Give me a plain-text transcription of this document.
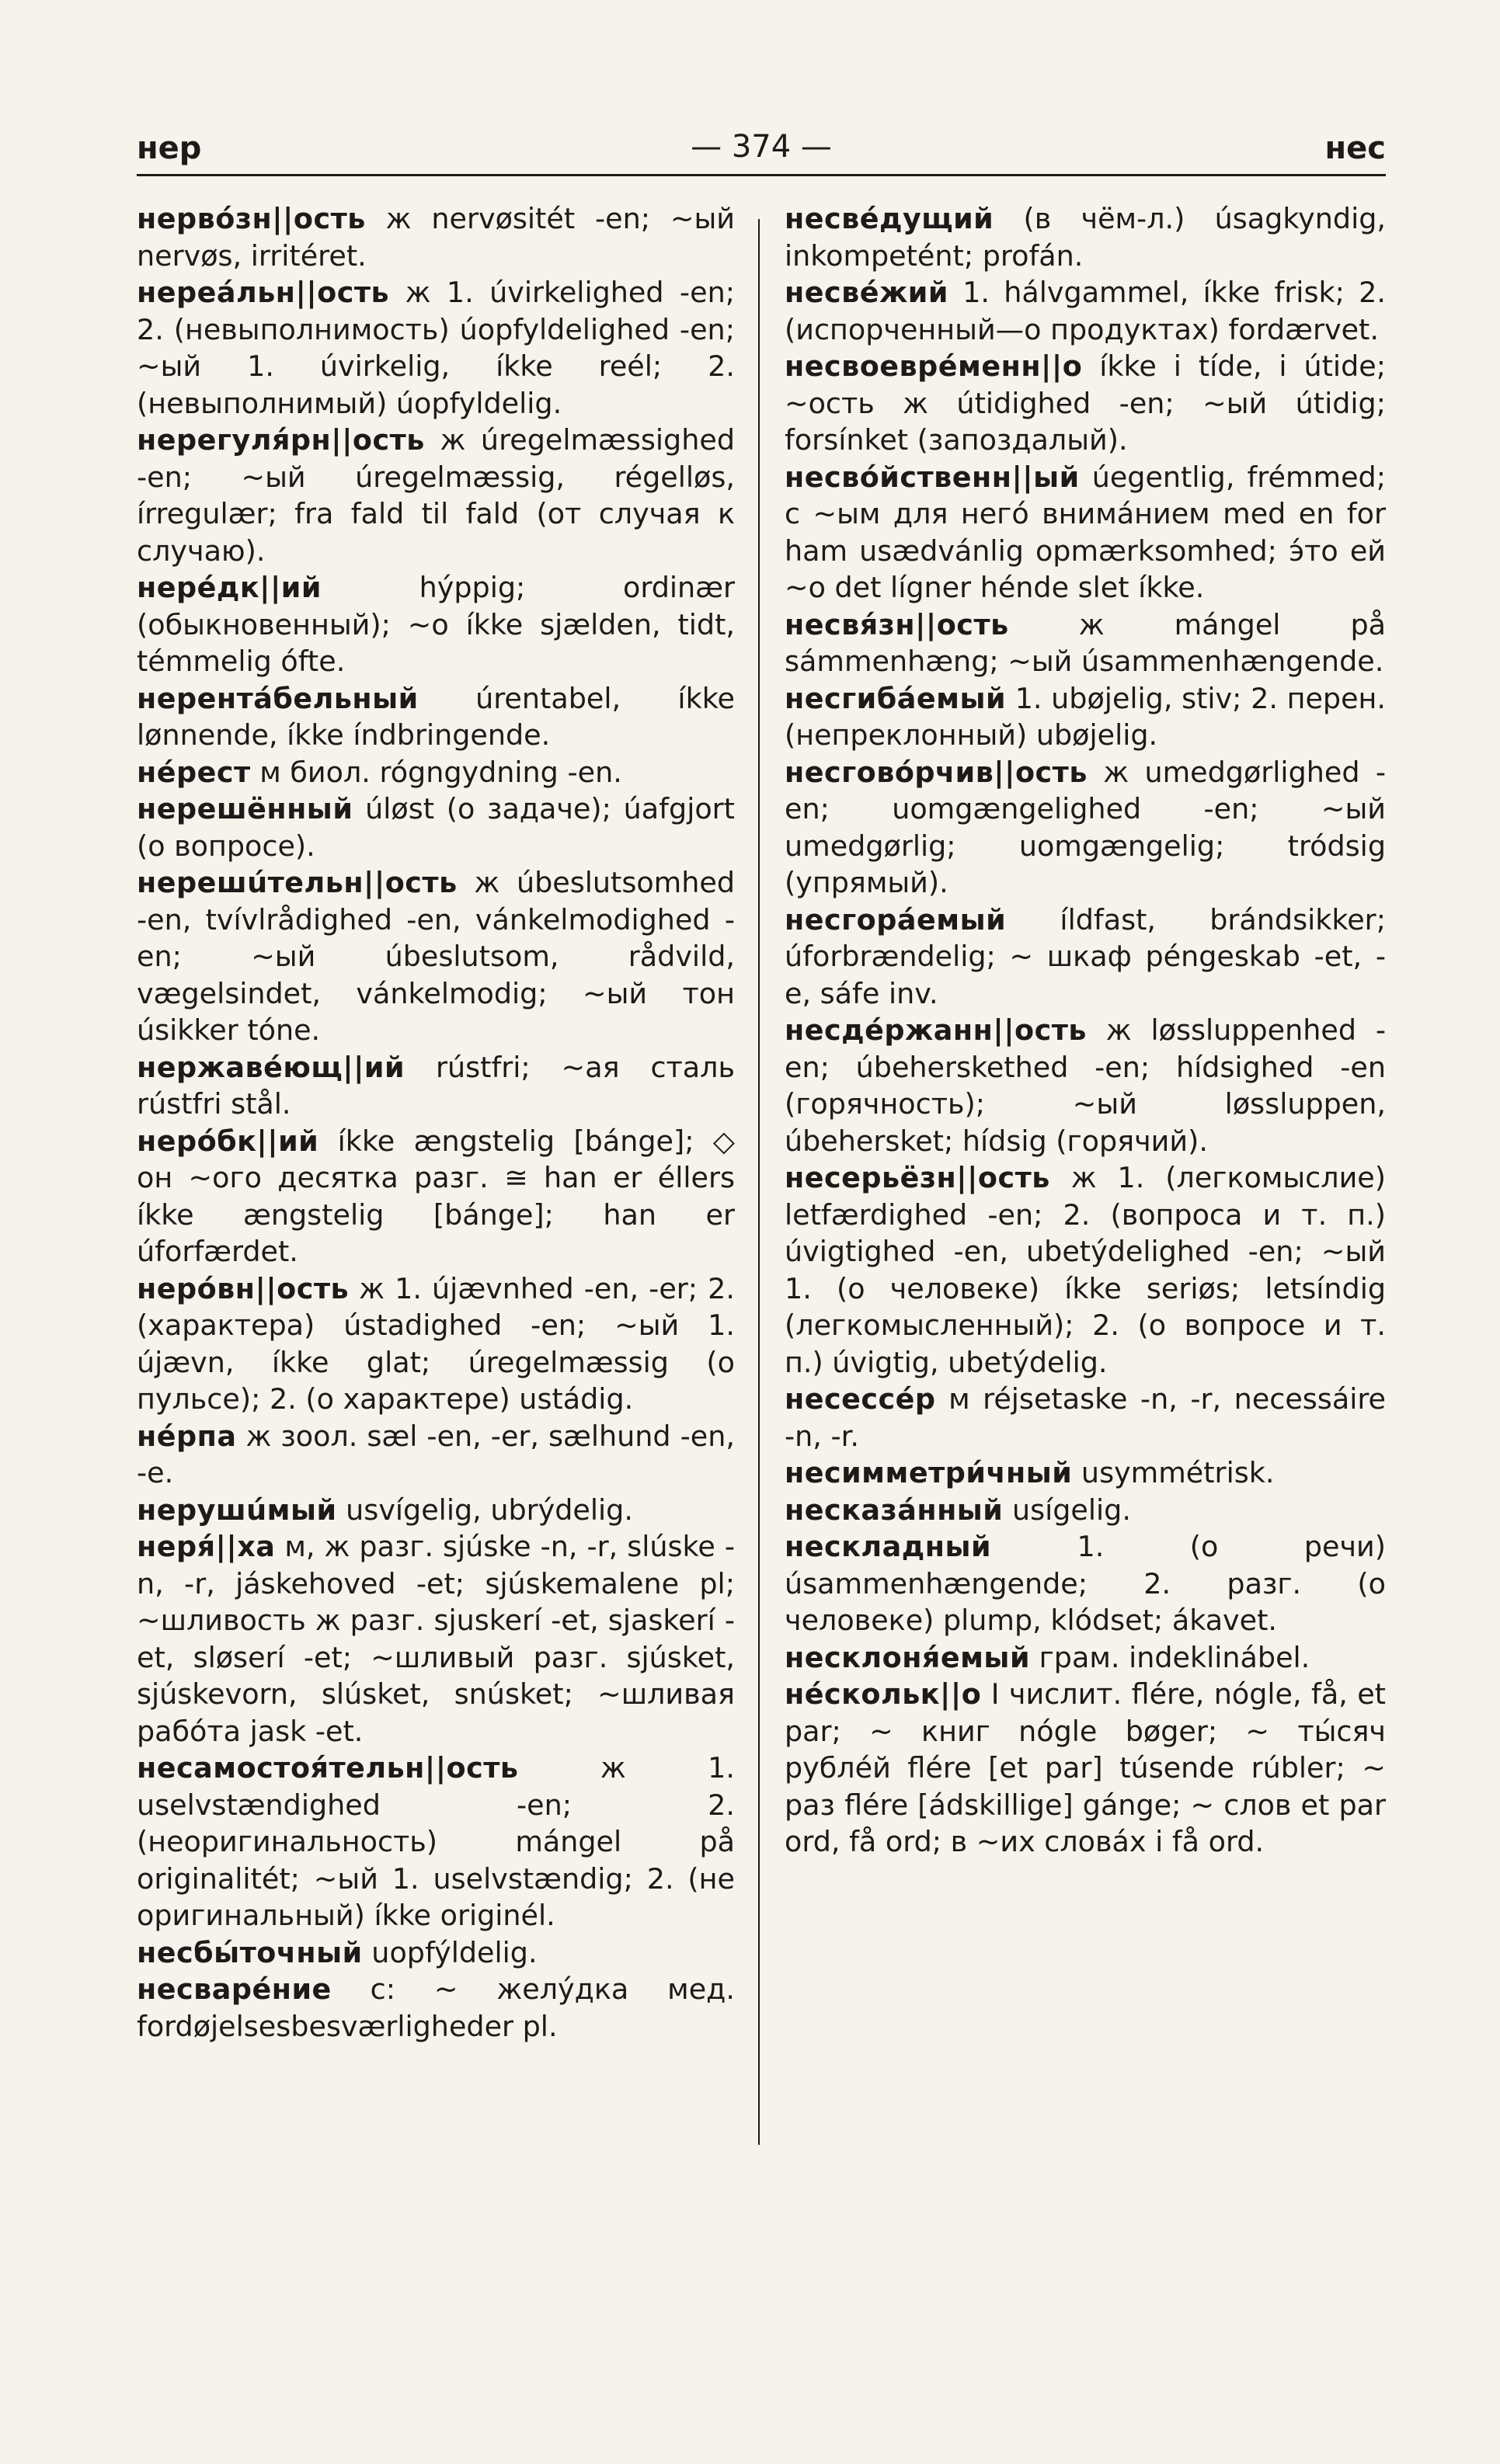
нер	— 374 —	нес

нервóзн||ость ж nervøsitét -en; ~ый nervøs, irritéret.

нереáльн||ость ж 1. úvirkelighed -en; 2. (невыполнимость) úopfyldelighed -en; ~ый 1. úvirkelig, íkke reél; 2. (невыполнимый) úopfyldelig.

нерегуля́рн||ость ж úregelmæssighed -en; ~ый úregelmæssig, régelløs, írregulær; fra fald til fald (от случая к случаю).

нерéдк||ий hýppig; ordinær (обыкновенный); ~о íkke sjælden, tidt, témmelig ófte.

нерентáбельный úrentabel, íkke lønnende, íkke índbringende.

нéрест м биол. rógngydning -en.

нерешённый úløst (о задаче); úafgjort (о вопросе).

нерешúтельн||ость ж úbeslutsomhed -en, tvívlrådighed -en, vánkelmodighed -en; ~ый úbeslutsom, rådvild, vægelsindet, vánkelmodig; ~ый тон úsikker tóne.

нержавéющ||ий rústfri; ~ая сталь rústfri stål.

нерóбк||ий íkke ængstelig [bánge]; ◇ он ~ого десятка разг. ≅ han er éllers íkke ængstelig [bánge]; han er úforfærdet.

нерóвн||ость ж 1. újævnhed -en, -er; 2. (характера) ústadighed -en; ~ый 1. újævn, íkke glat; úregelmæssig (о пульсе); 2. (о характере) ustádig.

нéрпа ж зоол. sæl -en, -er, sælhund -en, -e.

нерушúмый usvígelig, ubrýdelig.

неря́||ха м, ж разг. sjúske -n, -r, slúske -n, -r, jáskehoved -et; sjúskemalene pl; ~шливость ж разг. sjuskerí -et, sjaskerí -et, sløserí -et; ~шливый разг. sjúsket, sjúskevorn, slúsket, snúsket; ~шливая рабóта jask -et.

несамостоя́тельн||ость ж 1. uselvstændighed -en; 2. (неоригинальность) mángel på originalitét; ~ый 1. uselvstændig; 2. (не оригинальный) íkke originél.

несбы́точный uopfýldelig.

несварéние с: ~ желýдка мед. fordøjelsesbesværligheder pl.

несвéдущий (в чём-л.) úsagkyndig, inkompetént; profán.

несвéжий 1. hálvgammel, íkke frisk; 2. (испорченный—о продуктах) fordærvet.

несвоеврéменн||о íkke i tíde, i útide; ~ость ж útidighed -en; ~ый útidig; forsínket (запоздалый).

несвóйственн||ый úegentlig, frémmed; с ~ым для негó внимáнием med en for ham usædvánlig opmærksomhed; э́то ей ~о det lígner hénde slet íkke.

несвя́зн||ость ж mángel på sámmenhæng; ~ый úsammenhængende.

несгибáемый 1. ubøjelig, stiv; 2. перен. (непреклонный) ubøjelig.

несговóрчив||ость ж umedgørlighed -en; uomgængelighed -en; ~ый umedgørlig; uomgængelig; tródsig (упрямый).

несгорáемый íldfast, brándsikker; úforbrændelig; ~ шкаф péngeskab -et, -e, sáfe inv.

несдéржанн||ость ж løssluppenhed -en; úbeherskethed -en; hídsighed -en (горячность); ~ый løssluppen, úbehersket; hídsig (горячий).

несерьёзн||ость ж 1. (легкомыслие) letfærdighed -en; 2. (вопроса и т. п.) úvigtighed -en, ubetýdelighed -en; ~ый 1. (о человеке) íkke seriøs; letsíndig (легкомысленный); 2. (о вопросе и т. п.) úvigtig, ubetýdelig.

несессéр м réjsetaske -n, -r, necessáire -n, -r.

несимметри́чный usymmétrisk.

несказáнный usígelig.

нескладный 1. (о речи) úsammenhængende; 2. разг. (о человеке) plump, klódset; ákavet.

несклоня́емый грам. indeklinábel.

нéскольк||о I числит. flére, nógle, få, et par; ~ книг nógle bøger; ~ ты́сяч рублéй flére [et par] túsende rúbler; ~ раз flére [ádskillige] gánge; ~ слов et par ord, få ord; в ~их словáх i få ord.
